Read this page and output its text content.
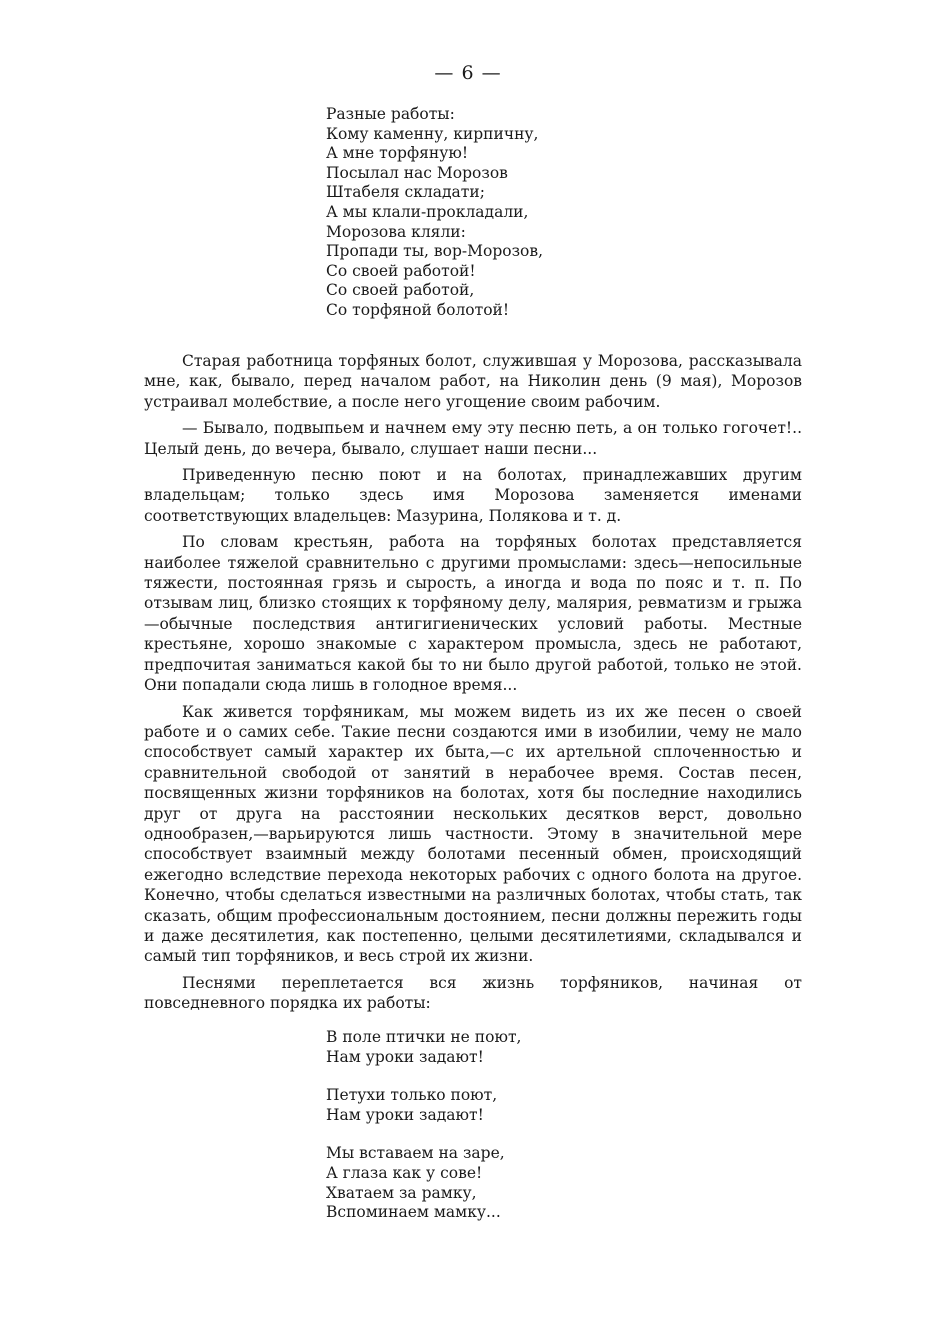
— 6 —
Разные работы:
Кому каменну, кирпичну,
А мне торфяную!
Посылал нас Морозов
Штабеля складати;
А мы клали-прокладали,
Морозова кляли:
Пропади ты, вор-Морозов,
Со своей работой!
Со своей работой,
Со торфяной болотой!

Старая работница торфяных болот, служившая у Морозова, рассказывала мне, как, бывало, перед началом работ, на Николин день (9 мая), Морозов устраивал молебствие, а после него угощение своим рабочим.

— Бывало, подвыпьем и начнем ему эту песню петь, а он только гогочет!.. Целый день, до вечера, бывало, слушает наши песни...

Приведенную песню поют и на болотах, принадлежавших другим владельцам; только здесь имя Морозова заменяется именами соответствующих владельцев: Мазурина, Полякова и т. д.

По словам крестьян, работа на торфяных болотах представляется наиболее тяжелой сравнительно с другими промыслами: здесь—непосильные тяжести, постоянная грязь и сырость, а иногда и вода по пояс и т. п. По отзывам лиц, близко стоящих к торфяному делу, малярия, ревматизм и грыжа—обычные последствия антигигиенических условий работы. Местные крестьяне, хорошо знакомые с характером промысла, здесь не работают, предпочитая заниматься какой бы то ни было другой работой, только не этой. Они попадали сюда лишь в голодное время...

Как живется торфяникам, мы можем видеть из их же песен о своей работе и о самих себе. Такие песни создаются ими в изобилии, чему не мало способствует самый характер их быта,—с их артельной сплоченностью и сравнительной свободой от занятий в нерабочее время. Состав песен, посвященных жизни торфяников на болотах, хотя бы последние находились друг от друга на расстоянии нескольких десятков верст, довольно однообразен,—варьируются лишь частности. Этому в значительной мере способствует взаимный между болотами песенный обмен, происходящий ежегодно вследствие перехода некоторых рабочих с одного болота на другое. Конечно, чтобы сделаться известными на различных болотах, чтобы стать, так сказать, общим профессиональным достоянием, песни должны пережить годы и даже десятилетия, как постепенно, целыми десятилетиями, складывался и самый тип торфяников, и весь строй их жизни.

Песнями переплетается вся жизнь торфяников, начиная от повседневного порядка их работы:

В поле птички не поют,
Нам уроки задают!
Петухи только поют,
Нам уроки задают!
Мы вставаем на заре,
А глаза как у сове!
Хватаем за рамку,
Вспоминаем мамку...
